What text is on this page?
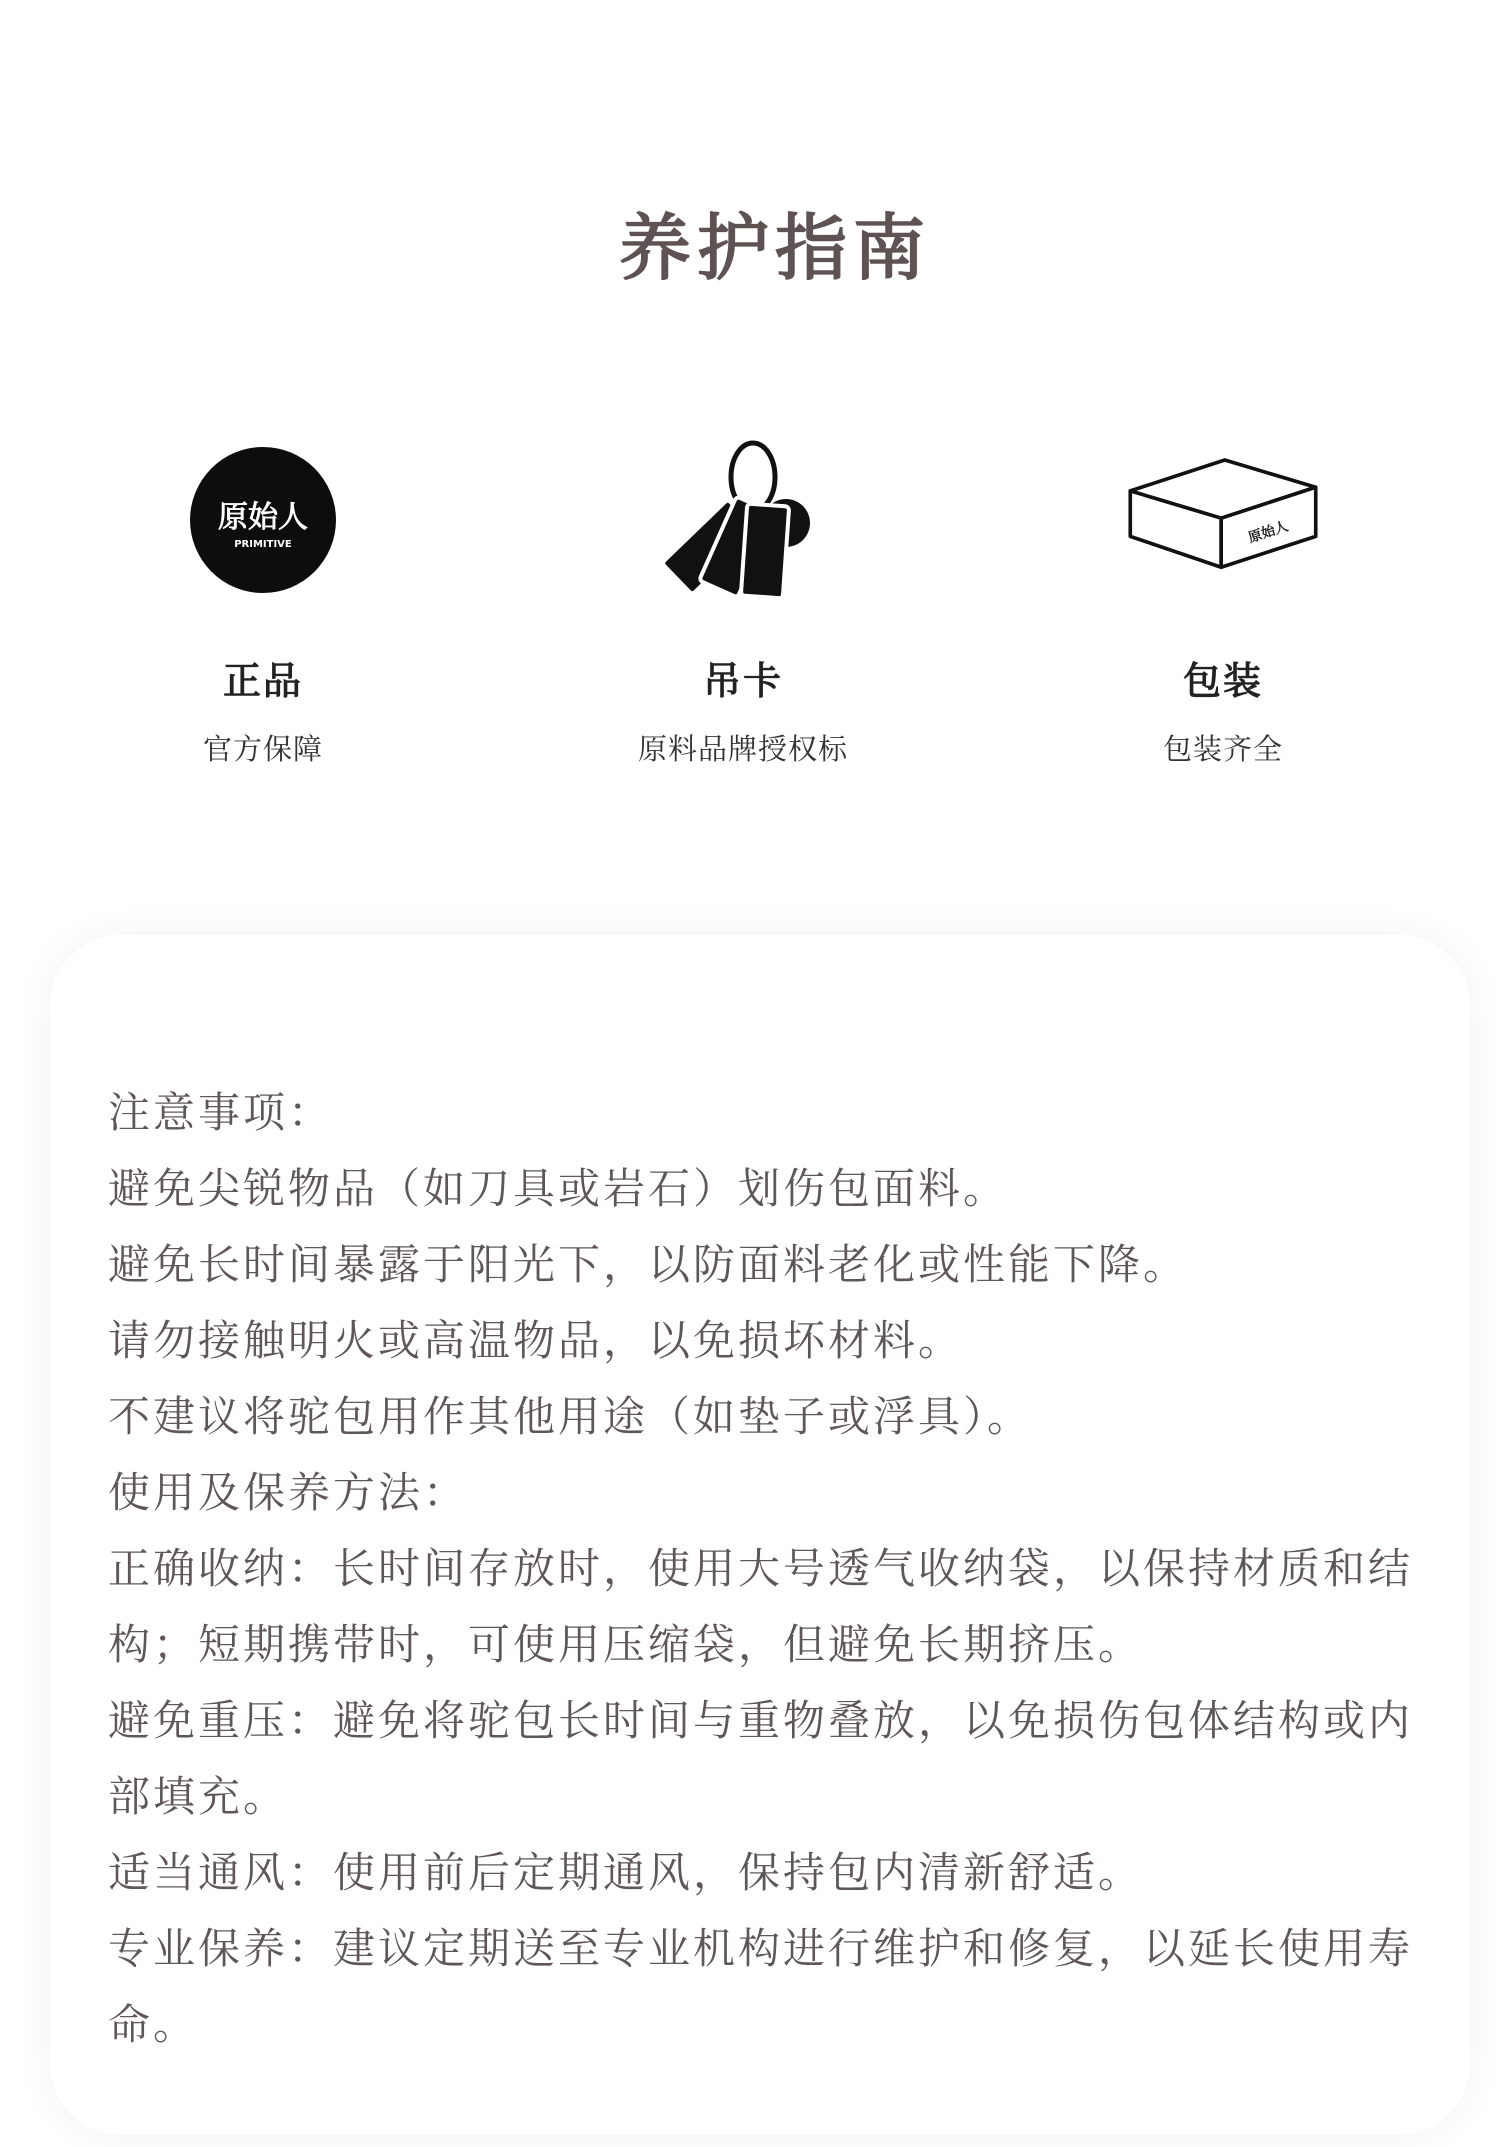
养护指南
原始人
PRIMITIVE
正品
官方保障
吊卡
原料品牌授权标
原始人
包装
包装齐全

注意事项：

避免尖锐物品（如刀具或岩石）划伤包面料。

避免长时间暴露于阳光下，以防面料老化或性能下降。

请勿接触明火或高温物品，以免损坏材料。

不建议将驼包用作其他用途（如垫子或浮具）。

使用及保养方法：

正确收纳：长时间存放时，使用大号透气收纳袋，以保持材质和结构；短期携带时，可使用压缩袋，但避免长期挤压。

避免重压：避免将驼包长时间与重物叠放，以免损伤包体结构或内部填充。

适当通风：使用前后定期通风，保持包内清新舒适。

专业保养：建议定期送至专业机构进行维护和修复，以延长使用寿命。
